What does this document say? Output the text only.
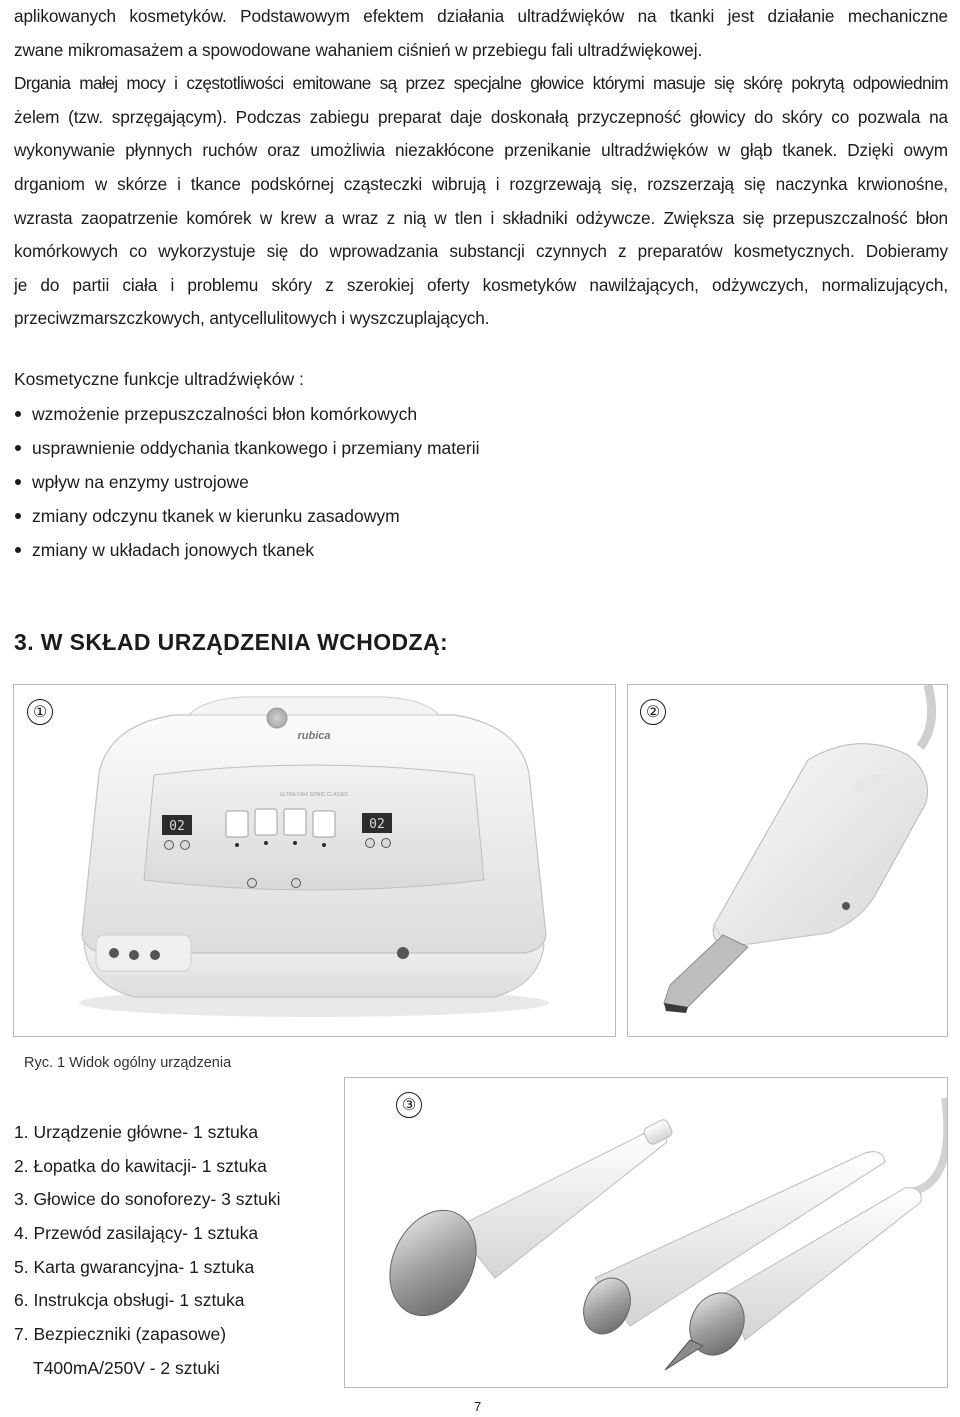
aplikowanych kosmetyków. Podstawowym efektem działania ultradźwięków na tkanki jest działanie mechaniczne
zwane mikromasażem a spowodowane wahaniem ciśnień w przebiegu fali ultradźwiękowej.
Drgania małej mocy i częstotliwości emitowane są przez specjalne głowice którymi masuje się skórę pokrytą odpowiednim
żelem (tzw. sprzęgającym). Podczas zabiegu preparat daje doskonałą przyczepność głowicy do skóry co pozwala na
wykonywanie płynnych ruchów oraz umożliwia niezakłócone przenikanie ultradźwięków w głąb tkanek. Dzięki owym
drganiom w skórze i tkance podskórnej cząsteczki wibrują i rozgrzewają się, rozszerzają się naczynka krwionośne,
wzrasta zaopatrzenie komórek w krew a wraz z nią w tlen i składniki odżywcze. Zwiększa się przepuszczalność błon
komórkowych co wykorzystuje się do wprowadzania substancji czynnych z preparatów kosmetycznych. Dobieramy
je do partii ciała i problemu skóry z szerokiej oferty kosmetyków nawilżających, odżywczych, normalizujących,
przeciwzmarszczkowych, antycellulitowych i wyszczuplających.

Kosmetyczne funkcje ultradźwięków :

wzmożenie przepuszczalności błon komórkowych
usprawnienie oddychania tkankowego i przemiany materii
wpływ na enzymy ustrojowe
zmiany odczynu tkanek w kierunku zasadowym
zmiany w układach jonowych tkanek
3. W SKŁAD URZĄDZENIA WCHODZĄ:
①
rubica
ULTRA CAVI SONIC CLASSIC
02	02
②

Ryc. 1 Widok ogólny urządzenia

③
1. Urządzenie główne- 1 sztuka
2. Łopatka do kawitacji- 1 sztuka
3. Głowice do sonoforezy- 3 sztuki
4. Przewód zasilający- 1 sztuka
5. Karta gwarancyjna- 1 sztuka
6. Instrukcja obsługi- 1 sztuka
7. Bezpieczniki (zapasowe)
T400mA/250V - 2 sztuki

7
